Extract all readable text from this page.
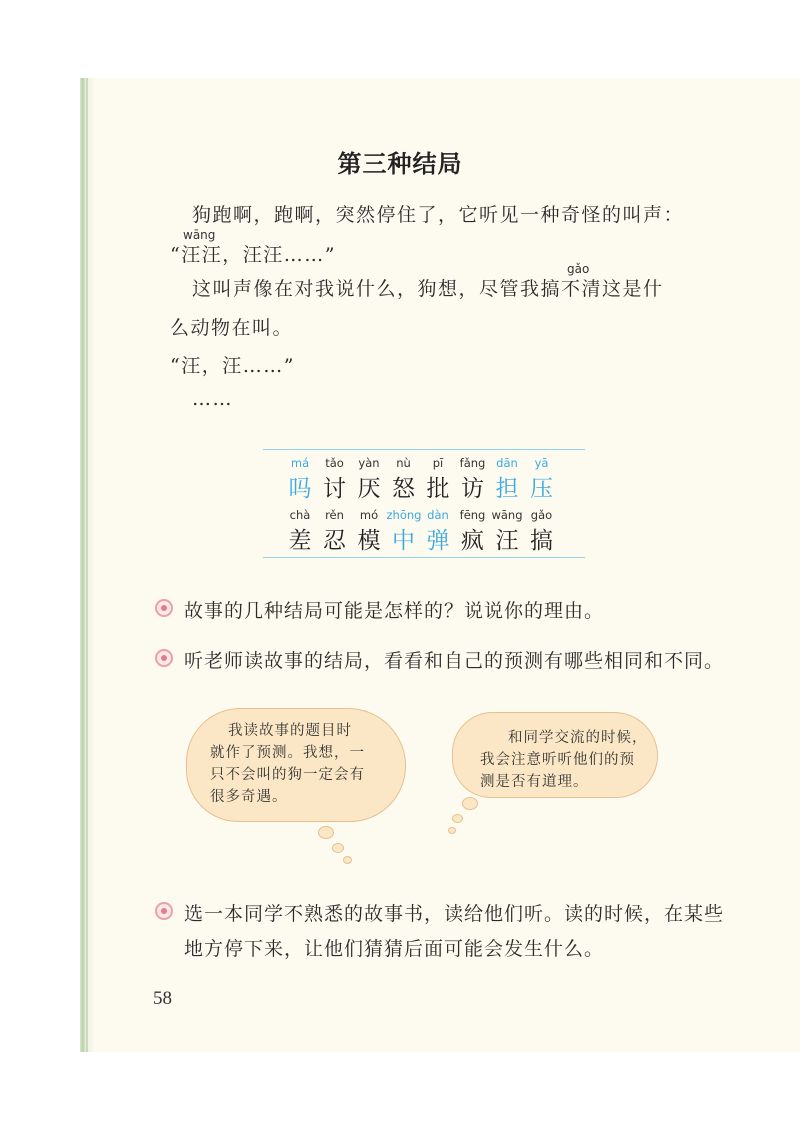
第三种结局
狗跑啊，跑啊，突然停住了，它听见一种奇怪的叫声：
wāng
“汪汪，汪汪……”
gǎo
这叫声像在对我说什么，狗想，尽管我搞不清这是什
么动物在叫。
“汪，汪……”
……
má
吗
tǎo
讨
yàn
厌
nù
怒
pī
批
fǎng
访
dān
担
yā
压
chà
差
rěn
忍
mó
模
zhōng
中
dàn
弹
fēng
疯
wāng
汪
gǎo
搞
故事的几种结局可能是怎样的？说说你的理由。
听老师读故事的结局，看看和自己的预测有哪些相同和不同。
我读故事的题目时
就作了预测。我想，一
只不会叫的狗一定会有
很多奇遇。
和同学交流的时候，
我会注意听听他们的预
测是否有道理。
选一本同学不熟悉的故事书，读给他们听。读的时候，在某些
地方停下来，让他们猜猜后面可能会发生什么。
58
